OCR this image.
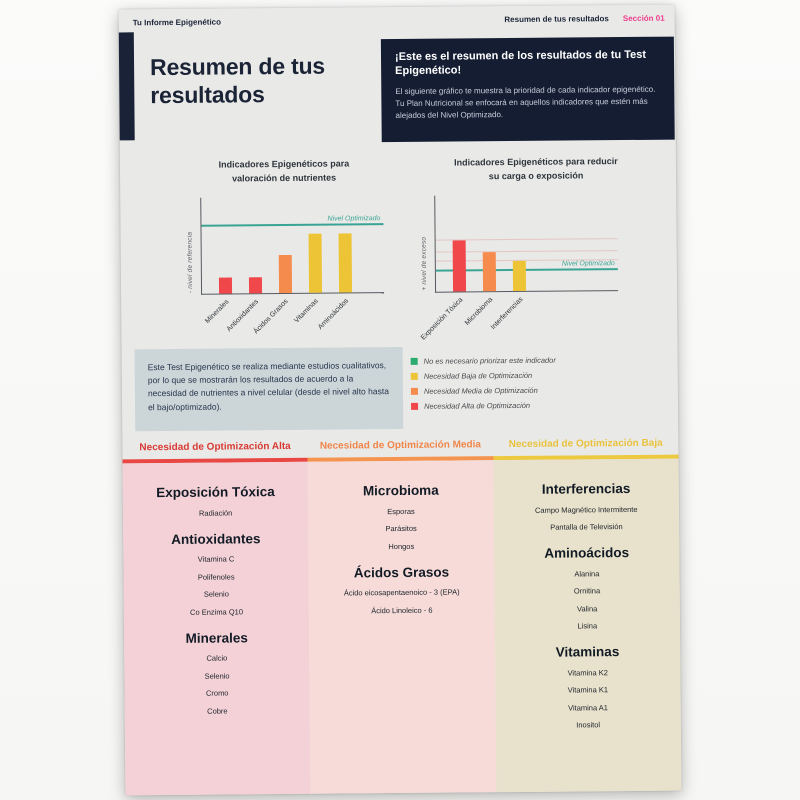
Tu Informe Epigenético	Resumen de tus resultados Sección 01
Resumen de tus resultados
¡Este es el resumen de los resultados de tu Test Epigenético!
El siguiente gráfico te muestra la prioridad de cada indicador epigenético. Tu Plan Nutricional se enfocará en aquellos indicadores que estén más alejados del Nivel Optimizado.
Indicadores Epigenéticos para valoración de nutrientes
- nivel de referencia
Nivel Optimizado
Minerales
Antioxidantes
Ácidos Grasos Vitaminas
Aminoácidos
Indicadores Epigenéticos para reducir su carga o exposición
+ nivel de exceso	Nivel Optimizado
Exposición Tóxica Microbioma
Interferencias
Este Test Epigenético se realiza mediante estudios cualitativos, por lo que se mostrarán los resultados de acuerdo a la necesidad de nutrientes a nivel celular (desde el nivel alto hasta el bajo/optimizado).
No es necesario priorizar este indicador
Necesidad Baja de Optimización
Necesidad Media de Optimización
Necesidad Alta de Optimización
Necesidad de Optimización Alta	Necesidad de Optimización Media	Necesidad de Optimización Baja
Exposición Tóxica
Radiación
Antioxidantes
Vitamina C
Polifenoles
Selenio
Co Enzima Q10
Minerales
Calcio
Selenio
Cromo
Cobre
Microbioma
Esporas
Parásitos
Hongos
Ácidos Grasos
Ácido eicosapentaenoico - 3 (EPA)
Ácido Linoleico - 6
Interferencias
Campo Magnético Intermitente
Pantalla de Televisión
Aminoácidos
Alanina
Ornitina
Valina
Lisina
Vitaminas
Vitamina K2
Vitamina K1
Vitamina A1
Inositol
